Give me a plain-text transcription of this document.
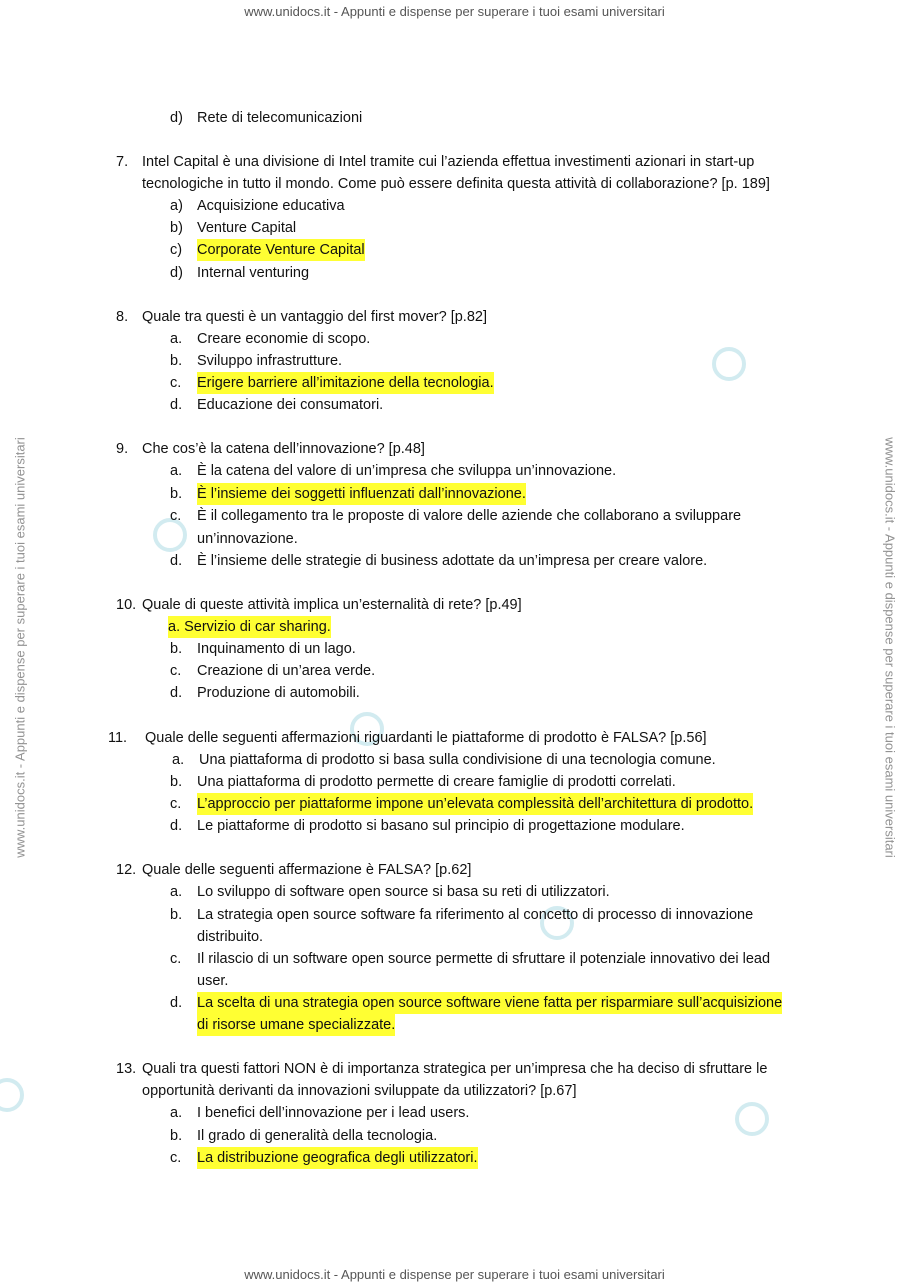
www.unidocs.it - Appunti e dispense per superare i tuoi esami universitari
www.unidocs.it - Appunti e dispense per superare i tuoi esami universitari
www.unidocs.it - Appunti e dispense per superare i tuoi esami universitari	www.unidocs.it - Appunti e dispense per superare i tuoi esami universitari
d) Rete di telecomunicazioni
7. Intel Capital è una divisione di Intel tramite cui l’azienda effettua investimenti azionari in start-up
tecnologiche in tutto il mondo. Come può essere definita questa attività di collaborazione? [p. 189]
a) Acquisizione educativa
b) Venture Capital
c) Corporate Venture Capital
d) Internal venturing
8. Quale tra questi è un vantaggio del first mover? [p.82]
a. Creare economie di scopo.
b. Sviluppo infrastrutture.
c. Erigere barriere all’imitazione della tecnologia.
d. Educazione dei consumatori.
9. Che cos’è la catena dell’innovazione? [p.48]
a. È la catena del valore di un’impresa che sviluppa un’innovazione.
b. È l’insieme dei soggetti influenzati dall’innovazione.
c. È il collegamento tra le proposte di valore delle aziende che collaborano a sviluppare
un’innovazione.
d. È l’insieme delle strategie di business adottate da un’impresa per creare valore.
10. Quale di queste attività implica un’esternalità di rete? [p.49]
a. Servizio di car sharing.
b. Inquinamento di un lago.
c. Creazione di un’area verde.
d. Produzione di automobili.
11. Quale delle seguenti affermazioni riguardanti le piattaforme di prodotto è FALSA? [p.56]
a. Una piattaforma di prodotto si basa sulla condivisione di una tecnologia comune.
b. Una piattaforma di prodotto permette di creare famiglie di prodotti correlati.
c. L’approccio per piattaforme impone un’elevata complessità dell’architettura di prodotto.
d. Le piattaforme di prodotto si basano sul principio di progettazione modulare.
12. Quale delle seguenti affermazione è FALSA? [p.62]
a. Lo sviluppo di software open source si basa su reti di utilizzatori.
b. La strategia open source software fa riferimento al concetto di processo di innovazione
distribuito.
c. Il rilascio di un software open source permette di sfruttare il potenziale innovativo dei lead
user.
d. La scelta di una strategia open source software viene fatta per risparmiare sull’acquisizione
di risorse umane specializzate.
13. Quali tra questi fattori NON è di importanza strategica per un’impresa che ha deciso di sfruttare le
opportunità derivanti da innovazioni sviluppate da utilizzatori? [p.67]
a. I benefici dell’innovazione per i lead users.
b. Il grado di generalità della tecnologia.
c. La distribuzione geografica degli utilizzatori.
